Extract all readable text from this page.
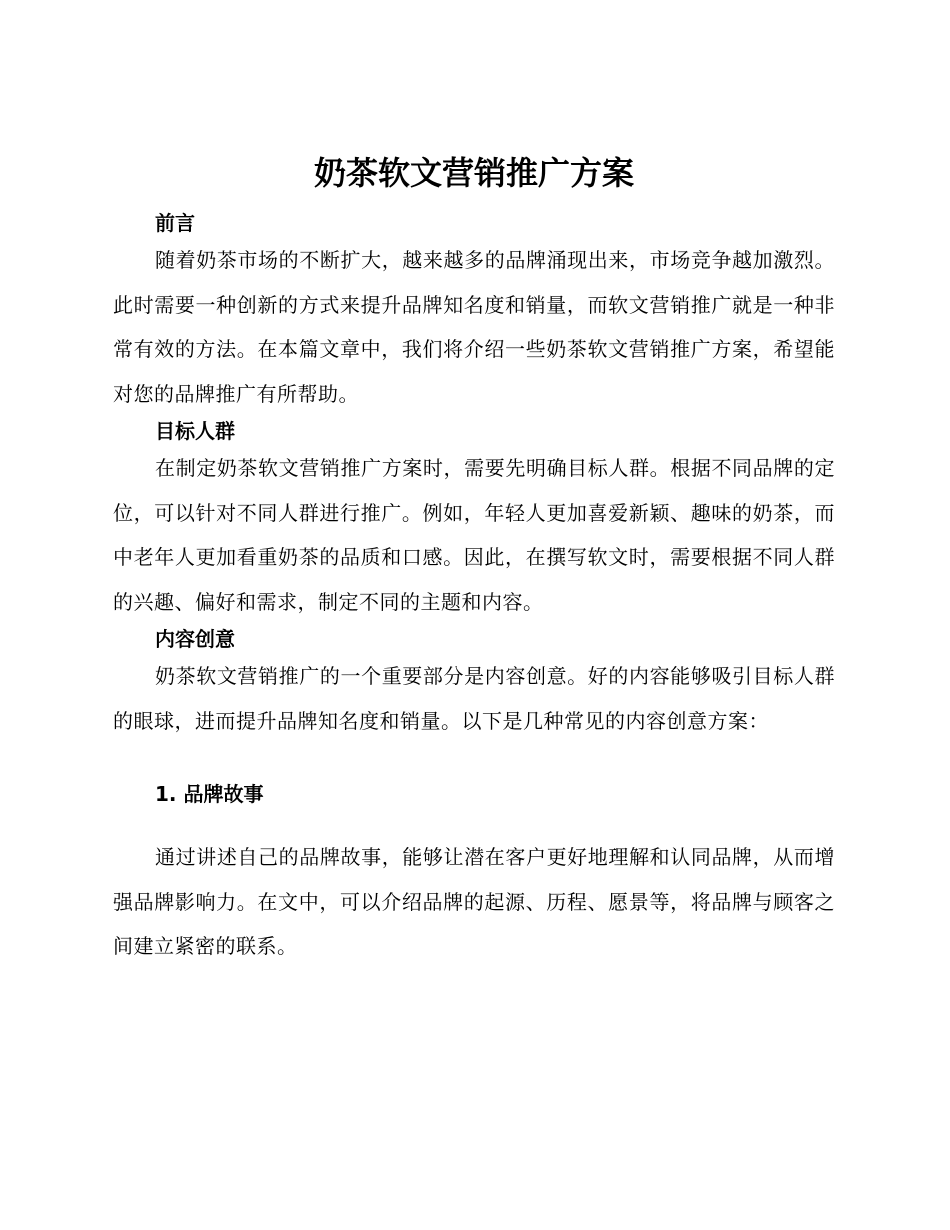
奶茶软文营销推广方案
前言

随着奶茶市场的不断扩大，越来越多的品牌涌现出来，市场竞争越加激烈。此时需要一种创新的方式来提升品牌知名度和销量，而软文营销推广就是一种非常有效的方法。在本篇文章中，我们将介绍一些奶茶软文营销推广方案，希望能对您的品牌推广有所帮助。

目标人群

在制定奶茶软文营销推广方案时，需要先明确目标人群。根据不同品牌的定位，可以针对不同人群进行推广。例如，年轻人更加喜爱新颖、趣味的奶茶，而中老年人更加看重奶茶的品质和口感。因此，在撰写软文时，需要根据不同人群的兴趣、偏好和需求，制定不同的主题和内容。

内容创意

奶茶软文营销推广的一个重要部分是内容创意。好的内容能够吸引目标人群的眼球，进而提升品牌知名度和销量。以下是几种常见的内容创意方案：

1. 品牌故事

通过讲述自己的品牌故事，能够让潜在客户更好地理解和认同品牌，从而增强品牌影响力。在文中，可以介绍品牌的起源、历程、愿景等，将品牌与顾客之间建立紧密的联系。
